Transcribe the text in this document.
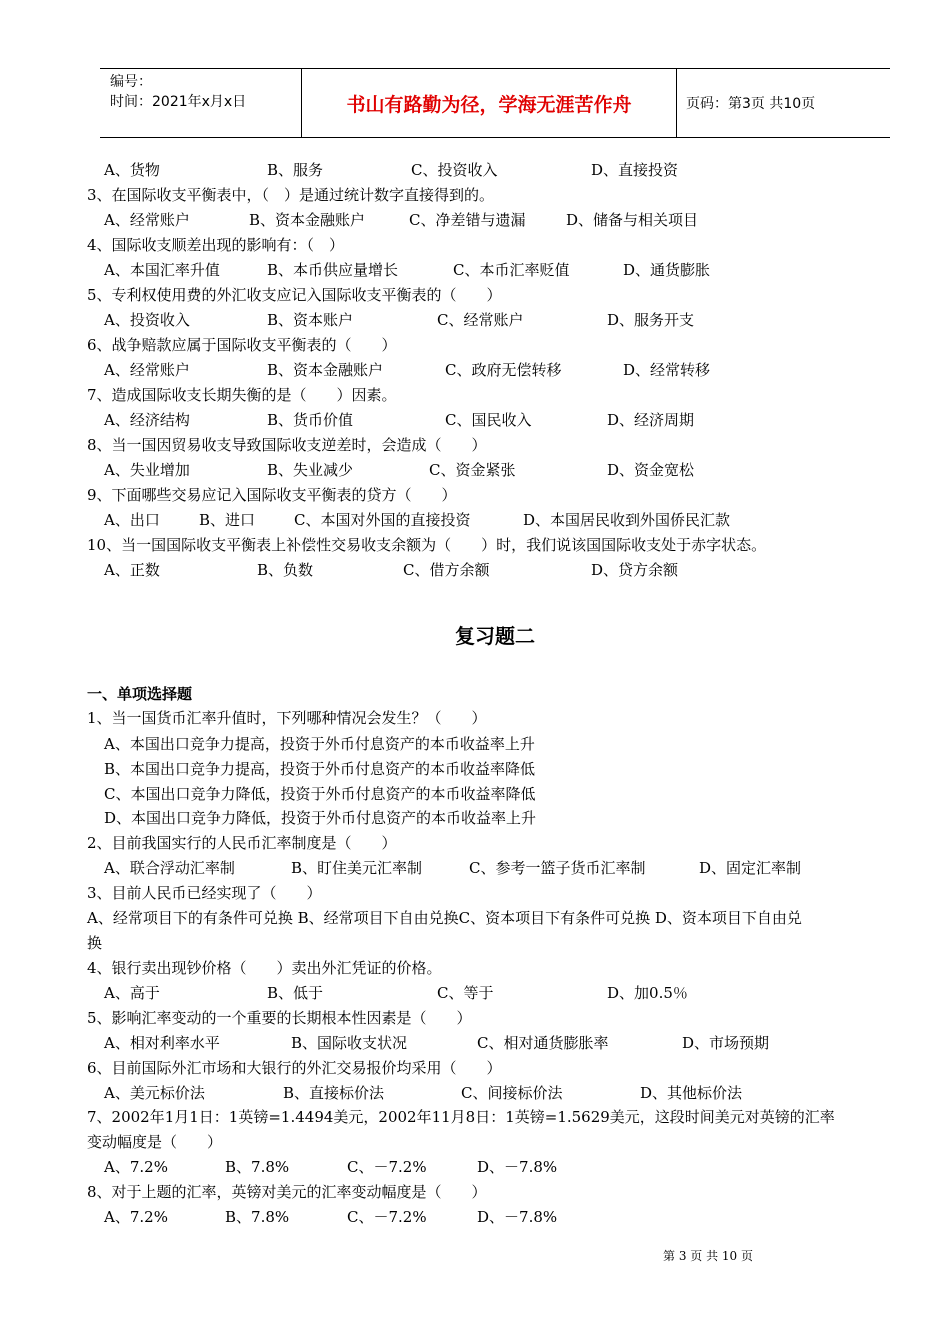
编号：
时间：2021年x月x日	书山有路勤为径，学海无涯苦作舟	页码：第3页 共10页
A、货物	B、服务	C、投资收入	D、直接投资
3、在国际收支平衡表中，（　）是通过统计数字直接得到的。
A、经常账户	B、资本金融账户	C、净差错与遗漏	D、储备与相关项目
4、国际收支顺差出现的影响有：（　）
A、本国汇率升值	B、本币供应量增长	C、本币汇率贬值	D、通货膨胀
5、专利权使用费的外汇收支应记入国际收支平衡表的（　　）
A、投资收入	B、资本账户	C、经常账户	D、服务开支
6、战争赔款应属于国际收支平衡表的（　　）
A、经常账户	B、资本金融账户	C、政府无偿转移	D、经常转移
7、造成国际收支长期失衡的是（　　）因素。
A、经济结构	B、货币价值	C、国民收入	D、经济周期
8、当一国因贸易收支导致国际收支逆差时，会造成（　　）
A、失业增加	B、失业减少	C、资金紧张	D、资金宽松
9、下面哪些交易应记入国际收支平衡表的贷方（　　）
A、出口	B、进口	C、本国对外国的直接投资	D、本国居民收到外国侨民汇款
10、当一国国际收支平衡表上补偿性交易收支余额为（　　）时，我们说该国国际收支处于赤字状态。
A、正数	B、负数	C、借方余额	D、贷方余额
复习题二
一、单项选择题
1、当一国货币汇率升值时，下列哪种情况会发生？（　　）
A、本国出口竞争力提高，投资于外币付息资产的本币收益率上升
B、本国出口竞争力提高，投资于外币付息资产的本币收益率降低
C、本国出口竞争力降低，投资于外币付息资产的本币收益率降低
D、本国出口竞争力降低，投资于外币付息资产的本币收益率上升
2、目前我国实行的人民币汇率制度是（　　）
A、联合浮动汇率制	B、盯住美元汇率制	C、参考一篮子货币汇率制	D、固定汇率制
3、目前人民币已经实现了（　　）
A、经常项目下的有条件可兑换 B、经常项目下自由兑换C、资本项目下有条件可兑换 D、资本项目下自由兑
换
4、银行卖出现钞价格（　　）卖出外汇凭证的价格。
A、高于	B、低于	C、等于	D、加0.5％
5、影响汇率变动的一个重要的长期根本性因素是（　　）
A、相对利率水平	B、国际收支状况	C、相对通货膨胀率	D、市场预期
6、目前国际外汇市场和大银行的外汇交易报价均采用（　　）
A、美元标价法	B、直接标价法	C、间接标价法	D、其他标价法
7、2002年1月1日：1英镑=1.4494美元，2002年11月8日：1英镑=1.5629美元，这段时间美元对英镑的汇率
变动幅度是（　　）
A、7.2%	B、7.8%	C、－7.2%	D、－7.8%
8、对于上题的汇率，英镑对美元的汇率变动幅度是（　　）
A、7.2%	B、7.8%	C、－7.2%	D、－7.8%
第 3 页 共 10 页
